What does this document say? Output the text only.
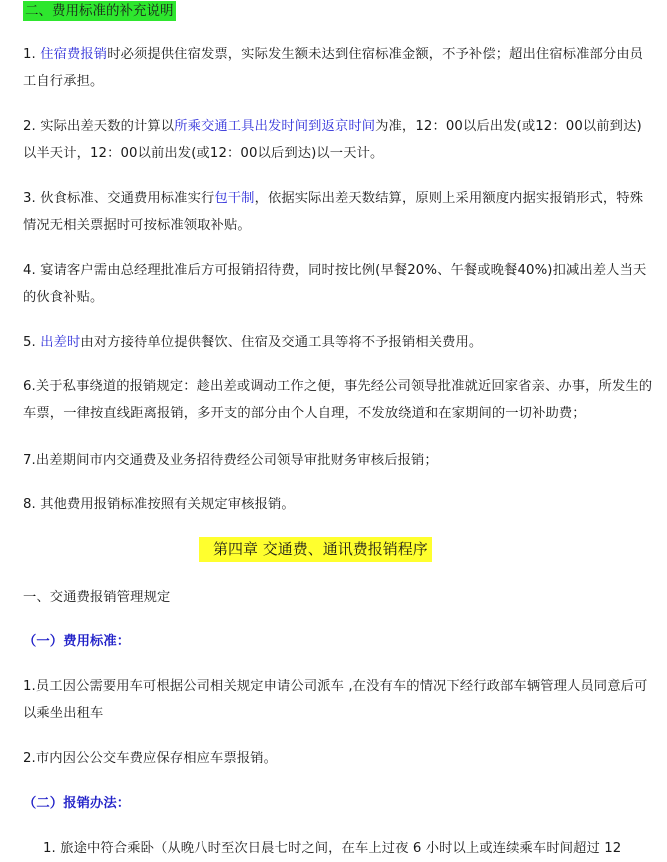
二、费用标准的补充说明
1. 住宿费报销时必须提供住宿发票，实际发生额未达到住宿标准金额，不予补偿；超出住宿标准部分由员工自行承担。
2. 实际出差天数的计算以所乘交通工具出发时间到返京时间为准，12：00以后出发(或12：00以前到达)以半天计，12：00以前出发(或12：00以后到达)以一天计。
3. 伙食标准、交通费用标准实行包干制，依据实际出差天数结算，原则上采用额度内据实报销形式，特殊情况无相关票据时可按标准领取补贴。
4. 宴请客户需由总经理批准后方可报销招待费，同时按比例(早餐20%、午餐或晚餐40%)扣减出差人当天的伙食补贴。
5. 出差时由对方接待单位提供餐饮、住宿及交通工具等将不予报销相关费用。
6.关于私事绕道的报销规定：趁出差或调动工作之便，事先经公司领导批准就近回家省亲、办事，所发生的车票，一律按直线距离报销，多开支的部分由个人自理，不发放绕道和在家期间的一切补助费；
7.出差期间市内交通费及业务招待费经公司领导审批财务审核后报销；
8. 其他费用报销标准按照有关规定审核报销。
第四章 交通费、通讯费报销程序
一、交通费报销管理规定
（一）费用标准：
1.员工因公需要用车可根据公司相关规定申请公司派车 ,在没有车的情况下经行政部车辆管理人员同意后可以乘坐出租车
2.市内因公公交车费应保存相应车票报销。
（二）报销办法：
1. 旅途中符合乘卧（从晚八时至次日晨七时之间，在车上过夜 6 小时以上或连续乘车时间超过 12
